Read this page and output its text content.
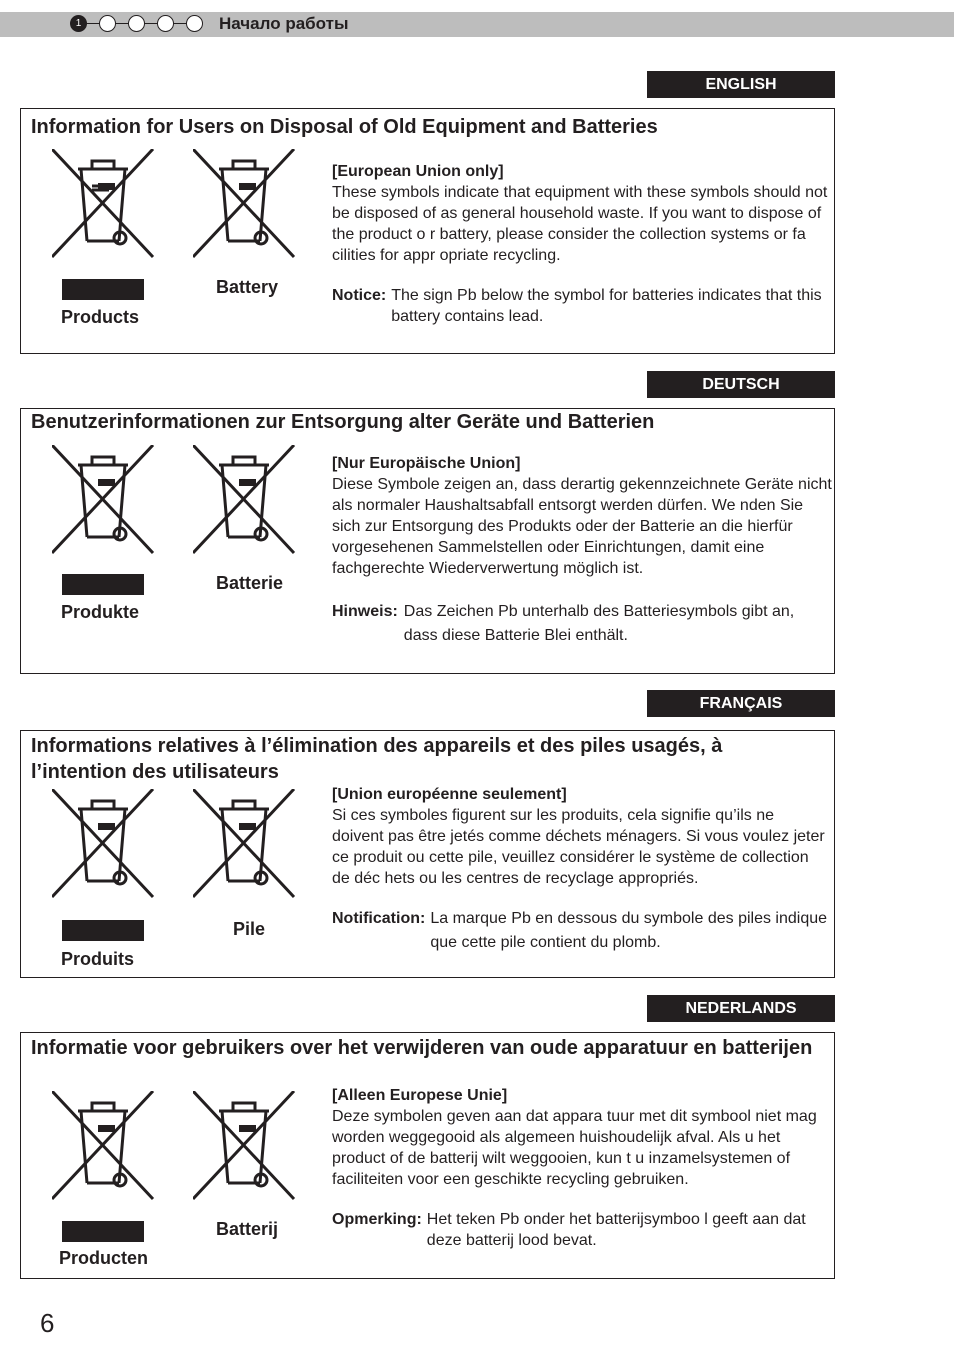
1	Начало работы
ENGLISH
Information for Users on Disposal of Old Equipment and Batteries
Products
Battery
[European Union only]
These symbols indicate that equipment with these symbols should not be disposed of as general household waste. If you want to dispose of the product o r battery, please consider the collection systems or fa cilities for appr opriate recycling.
Notice: The sign Pb below the symbol for batteries indicates that this battery contains lead.
DEUTSCH
Benutzerinformationen zur Entsorgung alter Geräte und Batterien
Produkte
Batterie
[Nur Europäische Union]
Diese Symbole zeigen an, dass derartig gekennzeichnete Geräte nicht als normaler Haushaltsabfall entsorgt werden dürfen. We nden Sie sich zur Entsorgung des Produkts oder der Batterie an die hierfür vorgesehenen Sammelstellen oder Einrichtungen, damit eine fachgerechte Wiederverwertung möglich ist.
Hinweis: Das Zeichen Pb unterhalb des Batteriesymbols gibt an, dass diese Batterie Blei enthält.
FRANÇAIS
Informations relatives à l’élimination des appareils et des piles usagés, à l’intention des utilisateurs
Produits
Pile
[Union européenne seulement]
Si ces symboles figurent sur les produits, cela signifie qu’ils ne doivent pas être jetés comme déchets ménagers. Si vous voulez jeter ce produit ou cette pile, veuillez considérer le système de collection de déc hets ou les centres de recyclage appropriés.
Notification: La marque Pb en dessous du symbole des piles indique que cette pile contient du plomb.
NEDERLANDS
Informatie voor gebruikers over het verwijderen van oude apparatuur en batterijen
Producten
Batterij
[Alleen Europese Unie]
Deze symbolen geven aan dat appara tuur met dit symbool niet mag worden weggegooid als algemeen huishoudelijk afval. Als u het product of de batterij wilt weggooien, kun t u inzamelsystemen of faciliteiten voor een geschikte recycling gebruiken.
Opmerking: Het teken Pb onder het batterijsymboo l geeft aan dat deze batterij lood bevat.
6
